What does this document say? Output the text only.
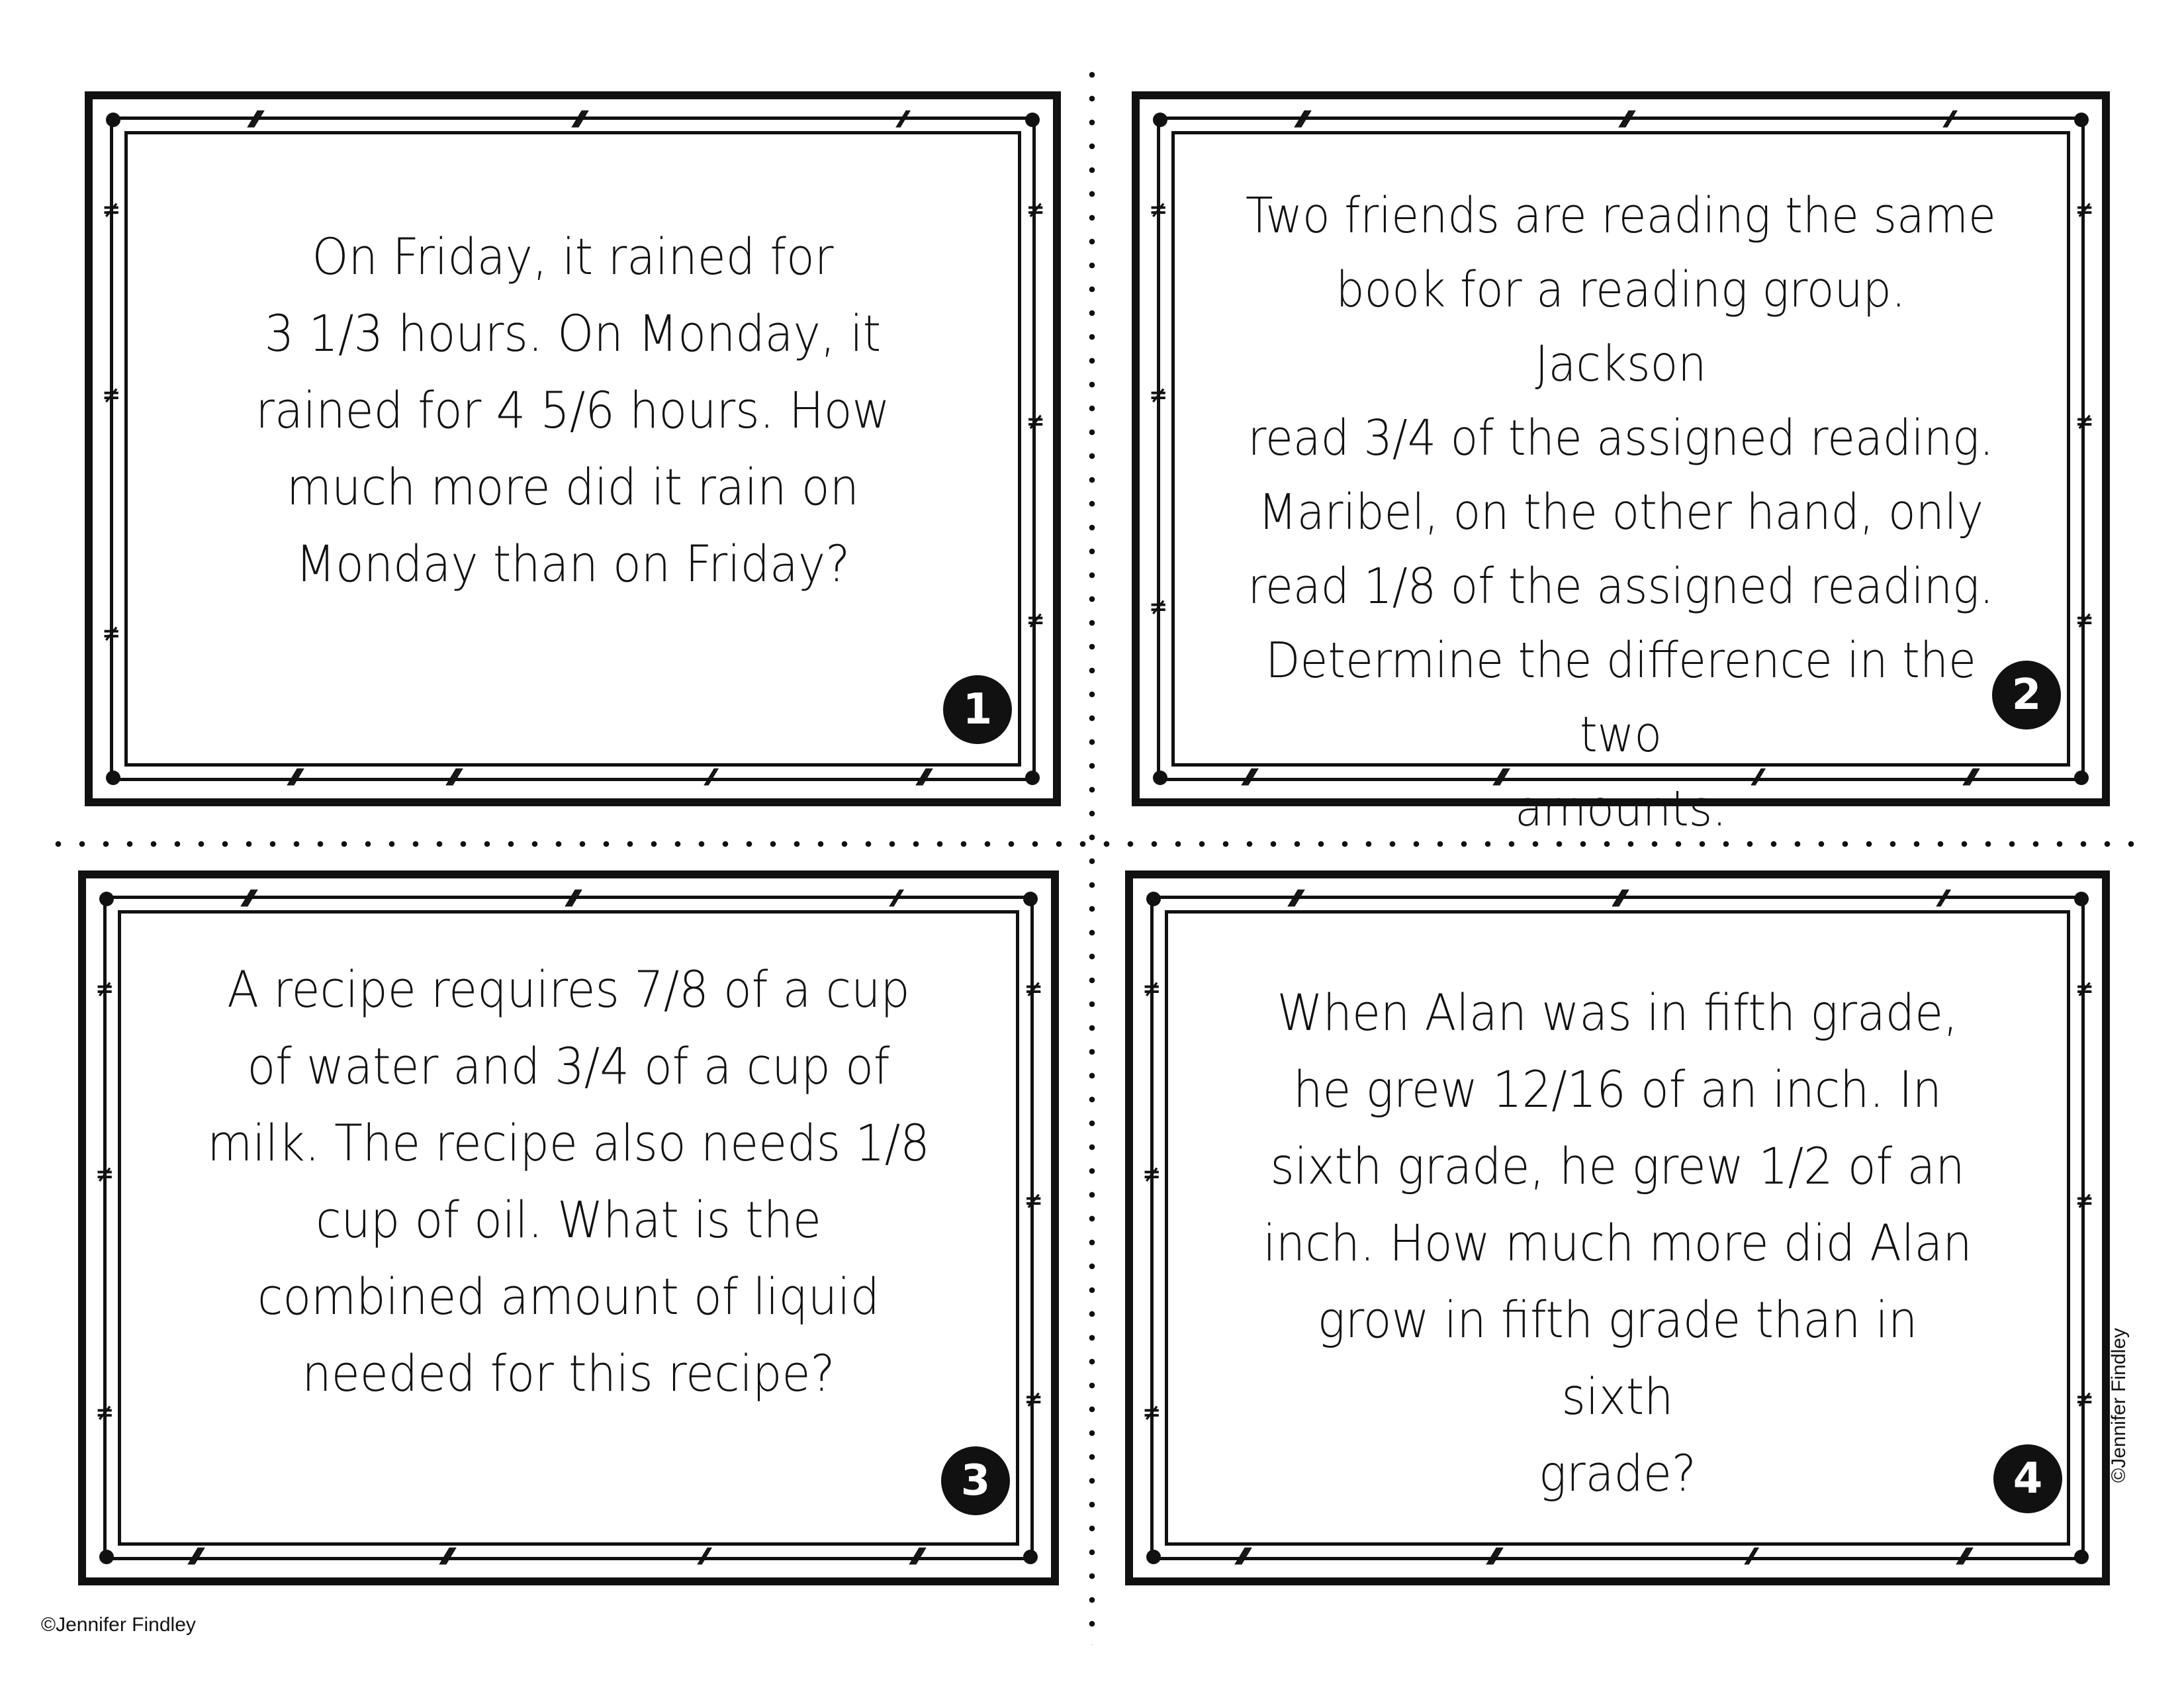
⁄⁄⁄	⁄⁄⁄	⁄⁄
⁄⁄⁄	⁄⁄⁄	⁄⁄	⁄⁄⁄
≠
≠
≠
≠
≠
≠
On Friday, it rained for
3 1/3 hours. On Monday, it
rained for 4 5/6 hours. How
much more did it rain on
Monday than on Friday?
1
⁄⁄⁄	⁄⁄⁄	⁄⁄
⁄⁄⁄	⁄⁄⁄	⁄⁄	⁄⁄⁄
≠
≠
≠
≠
≠
≠
Two friends are reading the same
book for a reading group. Jackson
read 3/4 of the assigned reading.
Maribel, on the other hand, only
read 1/8 of the assigned reading.
Determine the difference in the two
amounts.
2
⁄⁄⁄	⁄⁄⁄	⁄⁄
⁄⁄⁄	⁄⁄⁄	⁄⁄	⁄⁄⁄
≠
≠
≠
≠
≠
≠
A recipe requires 7/8 of a cup
of water and 3/4 of a cup of
milk. The recipe also needs 1/8
cup of oil. What is the
combined amount of liquid
needed for this recipe?
3
⁄⁄⁄	⁄⁄⁄	⁄⁄
⁄⁄⁄	⁄⁄⁄	⁄⁄	⁄⁄⁄
≠
≠
≠
≠
≠
≠
When Alan was in fifth grade,
he grew 12/16 of an inch. In
sixth grade, he grew 1/2 of an
inch. How much more did Alan
grow in fifth grade than in sixth
grade?	4
©Jennifer Findley
©Jennifer Findley
